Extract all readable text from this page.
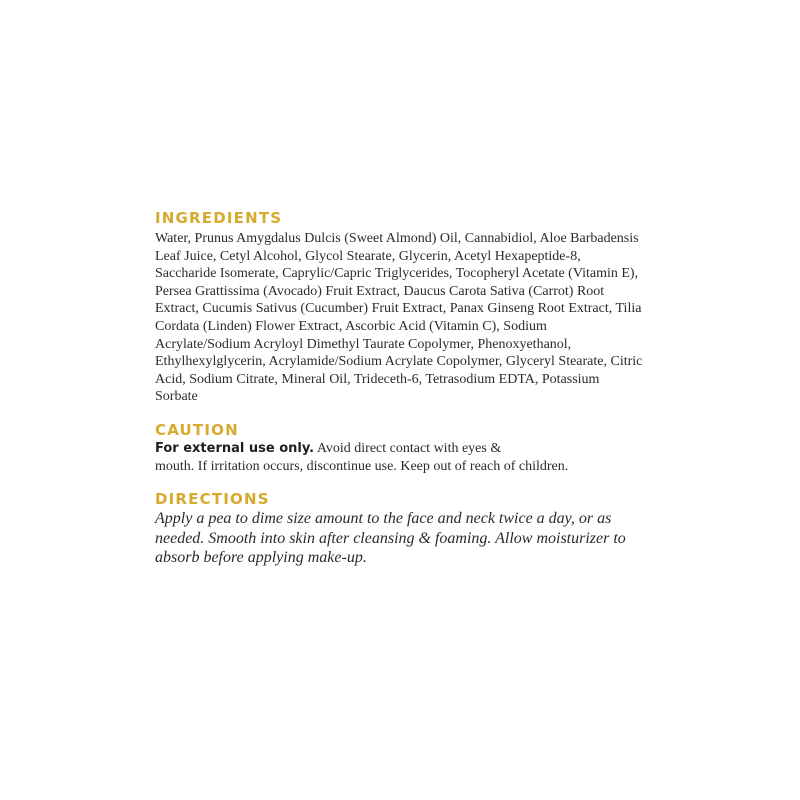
INGREDIENTS

Water, Prunus Amygdalus Dulcis (Sweet Almond) Oil, Cannabidiol, Aloe Barbadensis Leaf Juice, Cetyl Alcohol, Glycol Stearate, Glycerin, Acetyl Hexapeptide-8, Saccharide Isomerate, Caprylic/Capric Triglycerides, Tocopheryl Acetate (Vitamin E), Persea Grattissima (Avocado) Fruit Extract, Daucus Carota Sativa (Carrot) Root Extract, Cucumis Sativus (Cucumber) Fruit Extract, Panax Ginseng Root Extract, Tilia Cordata (Linden) Flower Extract, Ascorbic Acid (Vitamin C), Sodium Acrylate/Sodium Acryloyl Dimethyl Taurate Copolymer, Phenoxyethanol, Ethylhexylglycerin, Acrylamide/Sodium Acrylate Copolymer, Glyceryl Stearate, Citric Acid, Sodium Citrate, Mineral Oil, Trideceth-6, Tetrasodium EDTA, Potassium Sorbate

CAUTION

For external use only. Avoid direct contact with eyes &
mouth. If irritation occurs, discontinue use. Keep out of reach of children.

DIRECTIONS

Apply a pea to dime size amount to the face and neck twice a day, or as needed. Smooth into skin after cleansing & foaming. Allow moisturizer to absorb before applying make-up.
